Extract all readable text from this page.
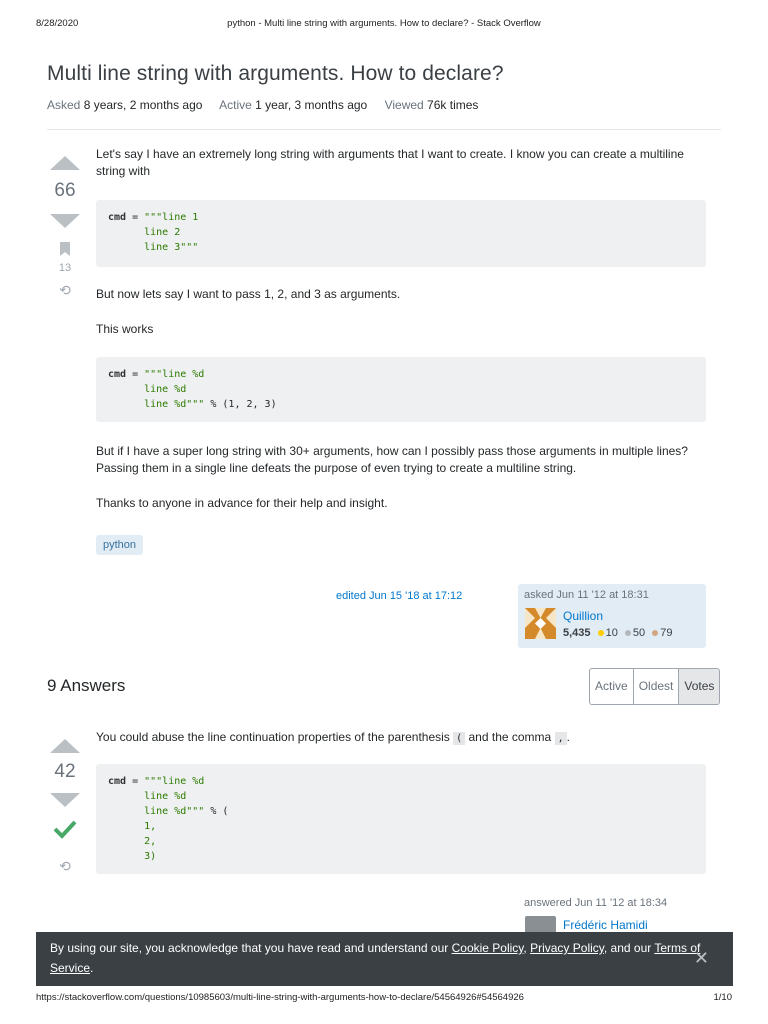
8/28/2020	python - Multi line string with arguments. How to declare? - Stack Overflow
Multi line string with arguments. How to declare?
Asked 8 years, 2 months ago Active 1 year, 3 months ago Viewed 76k times
66
13
⟲
Let's say I have an extremely long string with arguments that I want to create. I know you can create a multiline string with
cmd = """line 1
line 2
line 3"""
But now lets say I want to pass 1, 2, and 3 as arguments.
This works
cmd = """line %d
line %d
line %d""" % (1, 2, 3)
But if I have a super long string with 30+ arguments, how can I possibly pass those arguments in multiple lines? Passing them in a single line defeats the purpose of even trying to create a multiline string.
Thanks to anyone in advance for their help and insight.
python
edited Jun 15 '18 at 17:12	asked Jun 11 '12 at 18:31
Quillion
5,435 10 50 79
9 Answers	Active Oldest Votes
42
⟲
You could abuse the line continuation properties of the parenthesis ( and the comma , .
cmd = """line %d
line %d
line %d""" % (
1,
2,
3)
answered Jun 11 '12 at 18:34
Frédéric Hamidi
By using our site, you acknowledge that you have read and understand our Cookie Policy, Privacy Policy, and our Terms of Service.	✕
https://stackoverflow.com/questions/10985603/multi-line-string-with-arguments-how-to-declare/54564926#54564926	1/10
